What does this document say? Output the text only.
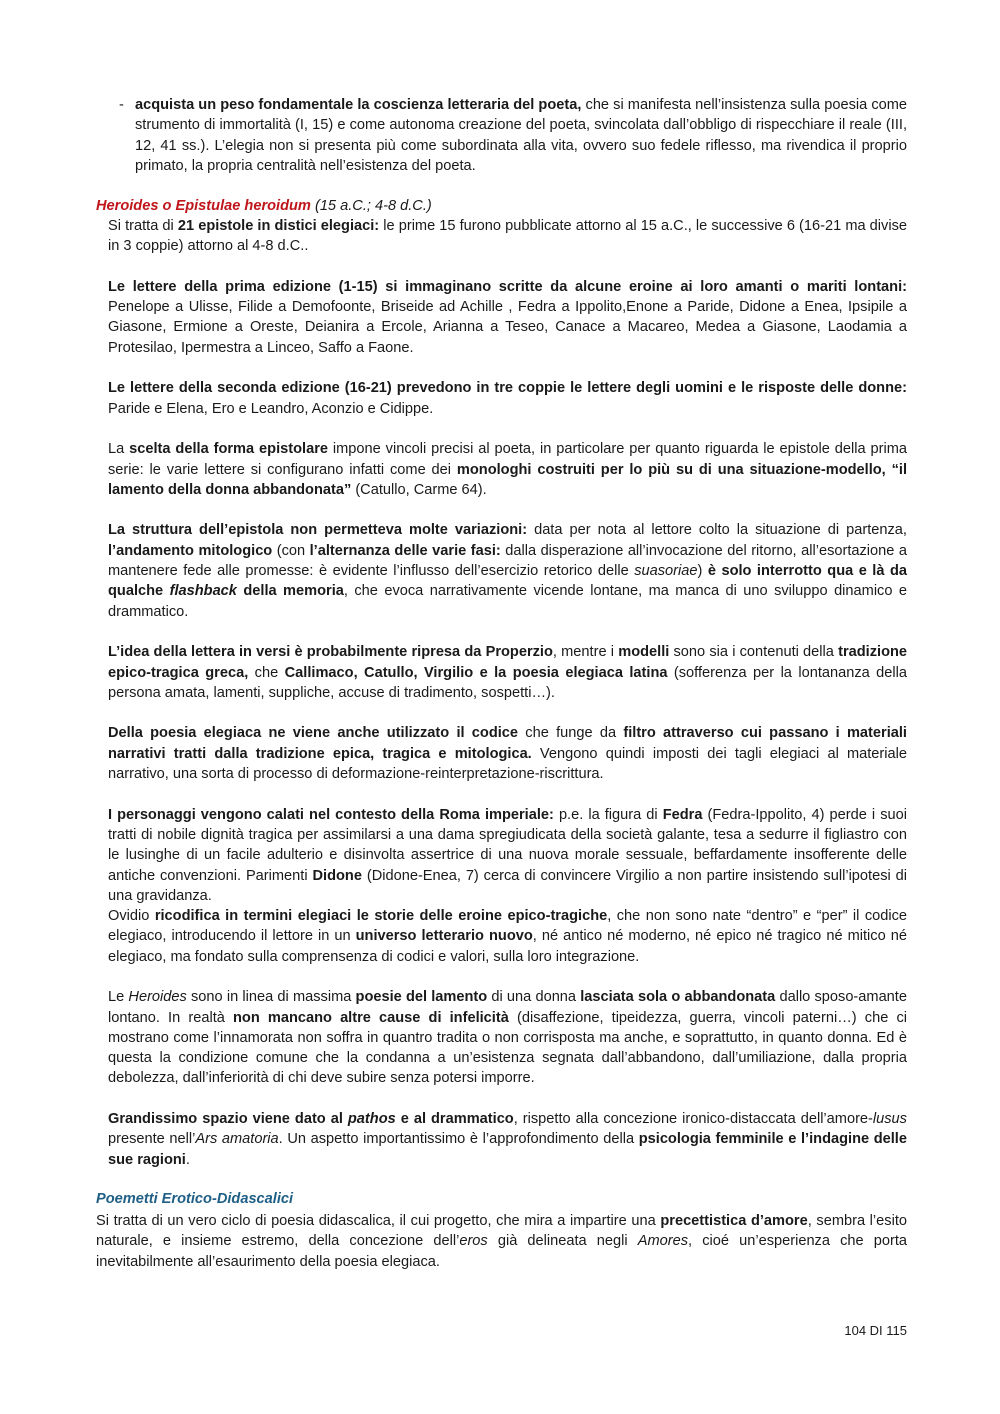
- acquista un peso fondamentale la coscienza letteraria del poeta, che si manifesta nell’insistenza sulla poesia come strumento di immortalità (I, 15) e come autonoma creazione del poeta, svincolata dall’obbligo di rispecchiare il reale (III, 12, 41 ss.). L’elegia non si presenta più come subordinata alla vita, ovvero suo fedele riflesso, ma rivendica il proprio primato, la propria centralità nell’esistenza del poeta.
Heroides o Epistulae heroidum (15 a.C.; 4-8 d.C.)

Si tratta di 21 epistole in distici elegiaci: le prime 15 furono pubblicate attorno al 15 a.C., le successive 6 (16-21 ma divise in 3 coppie) attorno al 4-8 d.C..

Le lettere della prima edizione (1-15) si immaginano scritte da alcune eroine ai loro amanti o mariti lontani: Penelope a Ulisse, Filide a Demofoonte, Briseide ad Achille , Fedra a Ippolito,Enone a Paride, Didone a Enea, Ipsipile a Giasone, Ermione a Oreste, Deianira a Ercole, Arianna a Teseo, Canace a Macareo, Medea a Giasone, Laodamia a Protesilao, Ipermestra a Linceo, Saffo a Faone.

Le lettere della seconda edizione (16-21) prevedono in tre coppie le lettere degli uomini e le risposte delle donne: Paride e Elena, Ero e Leandro, Aconzio e Cidippe.

La scelta della forma epistolare impone vincoli precisi al poeta, in particolare per quanto riguarda le epistole della prima serie: le varie lettere si configurano infatti come dei monologhi costruiti per lo più su di una situazione-modello, “il lamento della donna abbandonata” (Catullo, Carme 64).

La struttura dell’epistola non permetteva molte variazioni: data per nota al lettore colto la situazione di partenza, l’andamento mitologico (con l’alternanza delle varie fasi: dalla disperazione all’invocazione del ritorno, all’esortazione a mantenere fede alle promesse: è evidente l’influsso dell’esercizio retorico delle suasoriae) è solo interrotto qua e là da qualche flashback della memoria, che evoca narrativamente vicende lontane, ma manca di uno sviluppo dinamico e drammatico.

L’idea della lettera in versi è probabilmente ripresa da Properzio, mentre i modelli sono sia i contenuti della tradizione epico-tragica greca, che Callimaco, Catullo, Virgilio e la poesia elegiaca latina (sofferenza per la lontananza della persona amata, lamenti, suppliche, accuse di tradimento, sospetti…).

Della poesia elegiaca ne viene anche utilizzato il codice che funge da filtro attraverso cui passano i materiali narrativi tratti dalla tradizione epica, tragica e mitologica. Vengono quindi imposti dei tagli elegiaci al materiale narrativo, una sorta di processo di deformazione-reinterpretazione-riscrittura.

I personaggi vengono calati nel contesto della Roma imperiale: p.e. la figura di Fedra (Fedra-Ippolito, 4) perde i suoi tratti di nobile dignità tragica per assimilarsi a una dama spregiudicata della società galante, tesa a sedurre il figliastro con le lusinghe di un facile adulterio e disinvolta assertrice di una nuova morale sessuale, beffardamente insofferente delle antiche convenzioni. Parimenti Didone (Didone-Enea, 7) cerca di convincere Virgilio a non partire insistendo sull’ipotesi di una gravidanza.

Ovidio ricodifica in termini elegiaci le storie delle eroine epico-tragiche, che non sono nate “dentro” e “per” il codice elegiaco, introducendo il lettore in un universo letterario nuovo, né antico né moderno, né epico né tragico né mitico né elegiaco, ma fondato sulla comprensenza di codici e valori, sulla loro integrazione.

Le Heroides sono in linea di massima poesie del lamento di una donna lasciata sola o abbandonata dallo sposo-amante lontano. In realtà non mancano altre cause di infelicità (disaffezione, tipeidezza, guerra, vincoli paterni…) che ci mostrano come l’innamorata non soffra in quantro tradita o non corrisposta ma anche, e soprattutto, in quanto donna. Ed è questa la condizione comune che la condanna a un’esistenza segnata dall’abbandono, dall’umiliazione, dalla propria debolezza, dall’inferiorità di chi deve subire senza potersi imporre.

Grandissimo spazio viene dato al pathos e al drammatico, rispetto alla concezione ironico-distaccata dell’amore-lusus presente nell’Ars amatoria. Un aspetto importantissimo è l’approfondimento della psicologia femminile e l’indagine delle sue ragioni.

Poemetti Erotico-Didascalici

Si tratta di un vero ciclo di poesia didascalica, il cui progetto, che mira a impartire una precettistica d’amore, sembra l’esito naturale, e insieme estremo, della concezione dell’eros già delineata negli Amores, cioé un’esperienza che porta inevitabilmente all’esaurimento della poesia elegiaca.

104 DI 115
